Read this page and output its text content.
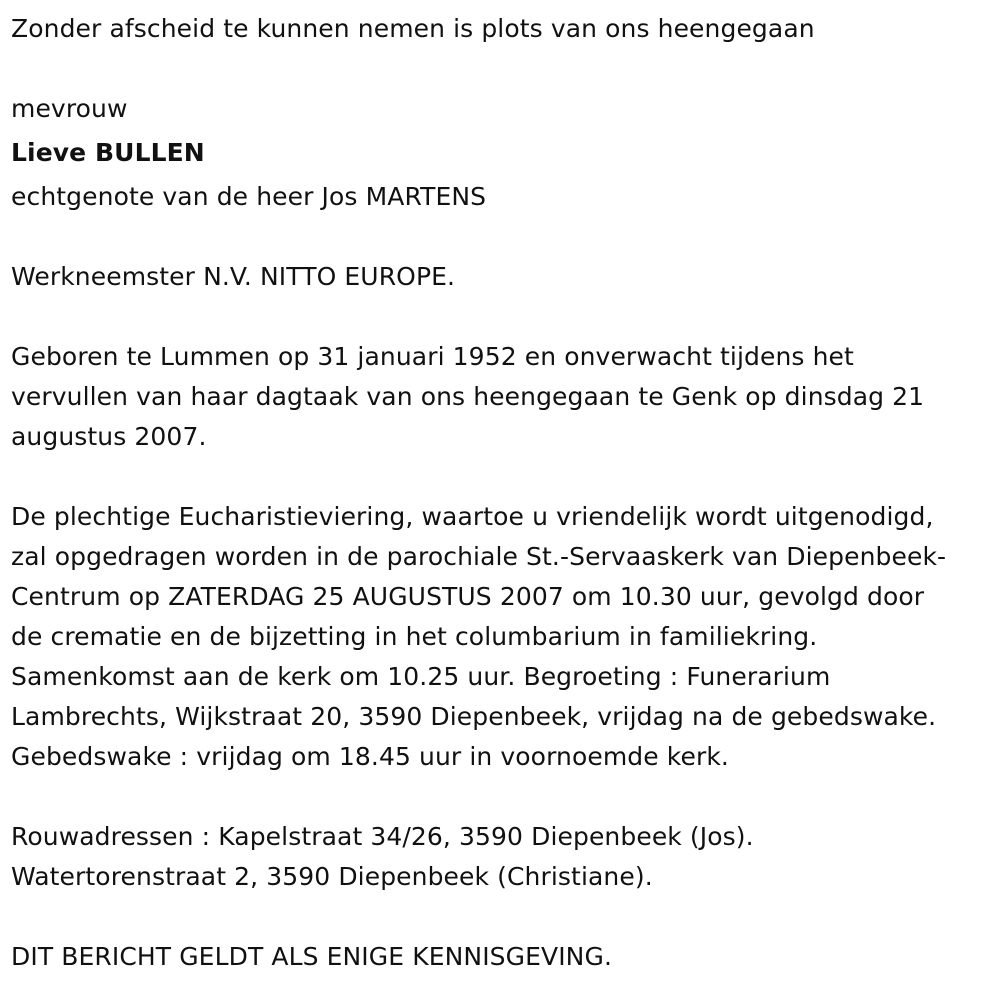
Zonder afscheid te kunnen nemen is plots van ons heengegaan
mevrouw
Lieve BULLEN
echtgenote van de heer Jos MARTENS
Werkneemster N.V. NITTO EUROPE.
Geboren te Lummen op 31 januari 1952 en onverwacht tijdens het
vervullen van haar dagtaak van ons heengegaan te Genk op dinsdag 21
augustus 2007.
De plechtige Eucharistieviering, waartoe u vriendelijk wordt uitgenodigd,
zal opgedragen worden in de parochiale St.-Servaaskerk van Diepenbeek-
Centrum op ZATERDAG 25 AUGUSTUS 2007 om 10.30 uur, gevolgd door
de crematie en de bijzetting in het columbarium in familiekring.
Samenkomst aan de kerk om 10.25 uur. Begroeting : Funerarium
Lambrechts, Wijkstraat 20, 3590 Diepenbeek, vrijdag na de gebedswake.
Gebedswake : vrijdag om 18.45 uur in voornoemde kerk.
Rouwadressen : Kapelstraat 34/26, 3590 Diepenbeek (Jos).
Watertorenstraat 2, 3590 Diepenbeek (Christiane).
DIT BERICHT GELDT ALS ENIGE KENNISGEVING.
